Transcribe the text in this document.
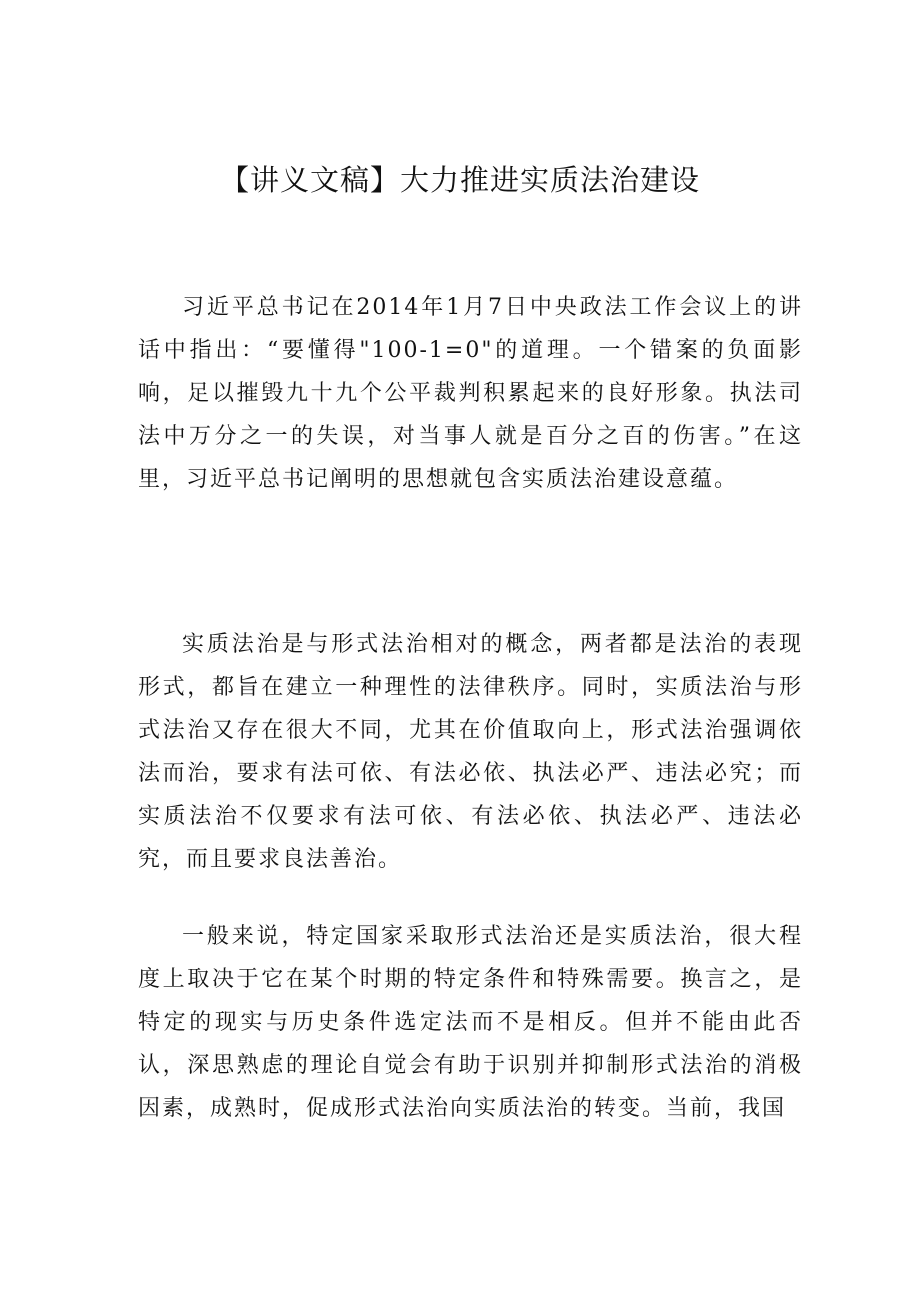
【讲义文稿】大力推进实质法治建设

习近平总书记在2014年1月7日中央政法工作会议上的讲话中指出：“要懂得"100-1=0"的道理。一个错案的负面影响，足以摧毁九十九个公平裁判积累起来的良好形象。执法司法中万分之一的失误，对当事人就是百分之百的伤害。”在这里，习近平总书记阐明的思想就包含实质法治建设意蕴。

实质法治是与形式法治相对的概念，两者都是法治的表现形式，都旨在建立一种理性的法律秩序。同时，实质法治与形式法治又存在很大不同，尤其在价值取向上，形式法治强调依法而治，要求有法可依、有法必依、执法必严、违法必究；而实质法治不仅要求有法可依、有法必依、执法必严、违法必究，而且要求良法善治。

一般来说，特定国家采取形式法治还是实质法治，很大程度上取决于它在某个时期的特定条件和特殊需要。换言之，是特定的现实与历史条件选定法而不是相反。但并不能由此否认，深思熟虑的理论自觉会有助于识别并抑制形式法治的消极因素，成熟时，促成形式法治向实质法治的转变。当前，我国
